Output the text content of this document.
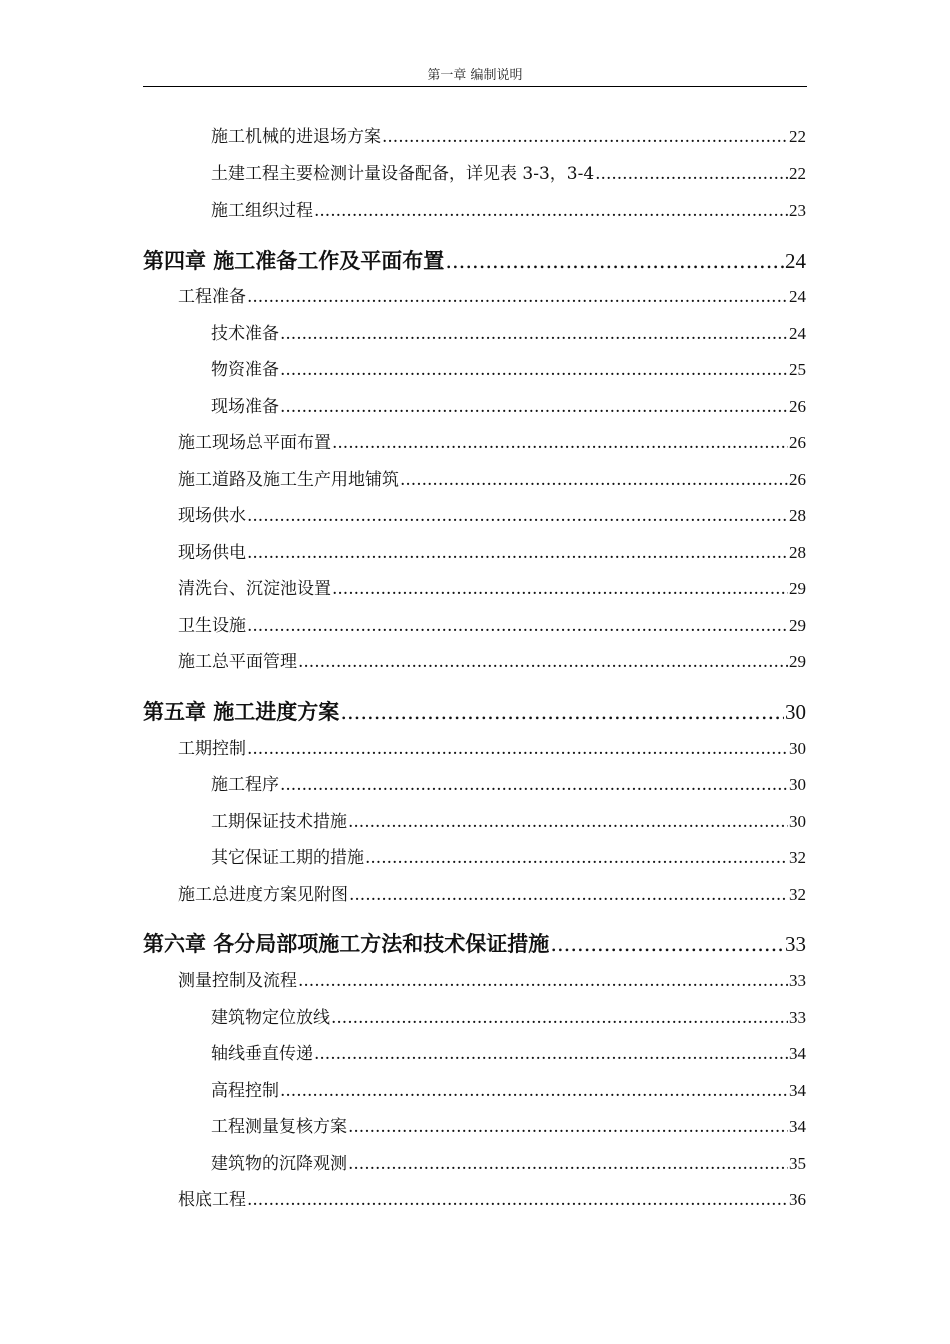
第一章 编制说明
施工机械的进退场方案 .....	22
土建工程主要检测计量设备配备，详见表 3-3，3-4 .....	22
施工组织过程 .....	23
第四章 施工准备工作及平面布置 .....	24
工程准备 .....	24
技术准备 .....	24
物资准备 .....	25
现场准备 .....	26
施工现场总平面布置 .....	26
施工道路及施工生产用地铺筑 .....	26
现场供水 .....	28
现场供电 .....	28
清洗台、沉淀池设置 .....	29
卫生设施 .....	29
施工总平面管理 .....	29
第五章 施工进度方案 .....	30
工期控制 .....	30
施工程序 .....	30
工期保证技术措施 .....	30
其它保证工期的措施 .....	32
施工总进度方案见附图 .....	32
第六章 各分局部项施工方法和技术保证措施 .....	33
测量控制及流程 .....	33
建筑物定位放线 .....	33
轴线垂直传递 .....	34
高程控制 .....	34
工程测量复核方案 .....	34
建筑物的沉降观测 .....	35
根底工程 .....	36
